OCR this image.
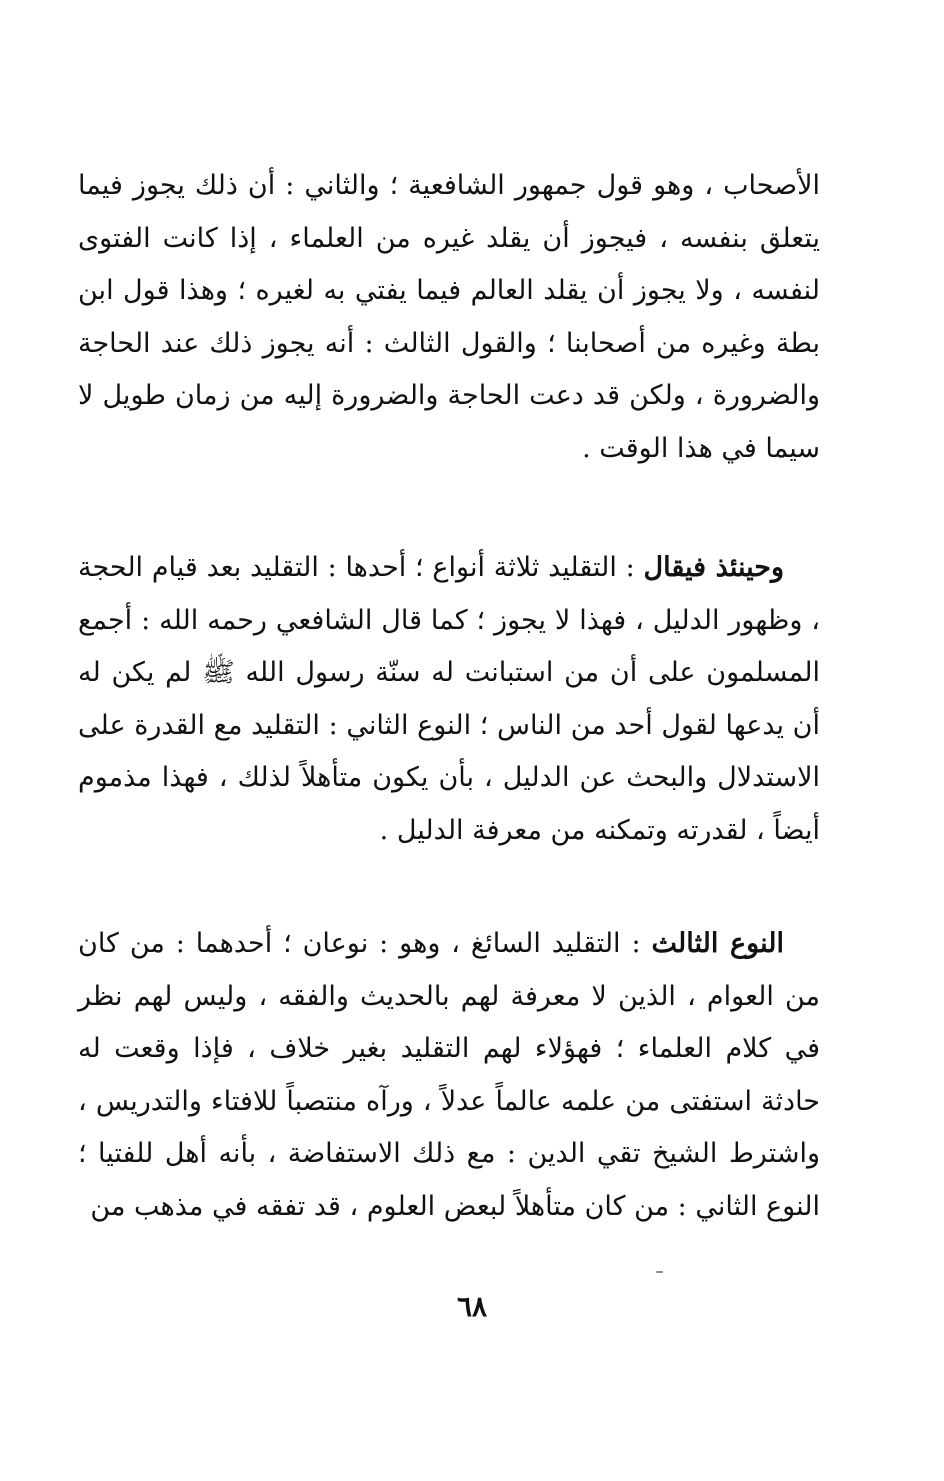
الأصحاب ، وهو قول جمهور الشافعية ؛ والثاني : أن ذلك يجوز فيما يتعلق بنفسه ، فيجوز أن يقلد غيره من العلماء ، إذا كانت الفتوى لنفسه ، ولا يجوز أن يقلد العالم فيما يفتي به لغيره ؛ وهذا قول ابن بطة وغيره من أصحابنا ؛ والقول الثالث : أنه يجوز ذلك عند الحاجة والضرورة ، ولكن قد دعت الحاجة والضرورة إليه من زمان طويل لا سيما في هذا الوقت .

وحينئذ فيقال : التقليد ثلاثة أنواع ؛ أحدها : التقليد بعد قيام الحجة ، وظهور الدليل ، فهذا لا يجوز ؛ كما قال الشافعي رحمه الله : أجمع المسلمون على أن من استبانت له سنّة رسول الله ﷺ لم يكن له أن يدعها لقول أحد من الناس ؛ النوع الثاني : التقليد مع القدرة على الاستدلال والبحث عن الدليل ، بأن يكون متأهلاً لذلك ، فهذا مذموم أيضاً ، لقدرته وتمكنه من معرفة الدليل .

النوع الثالث : التقليد السائغ ، وهو : نوعان ؛ أحدهما : من كان من العوام ، الذين لا معرفة لهم بالحديث والفقه ، وليس لهم نظر في كلام العلماء ؛ فهؤلاء لهم التقليد بغير خلاف ، فإذا وقعت له حادثة استفتى من علمه عالماً عدلاً ، ورآه منتصباً للافتاء والتدريس ، واشترط الشيخ تقي الدين : مع ذلك الاستفاضة ، بأنه أهل للفتيا ؛ النوع الثاني : من كان متأهلاً لبعض العلوم ، قد تفقه في مذهب من

٦٨
